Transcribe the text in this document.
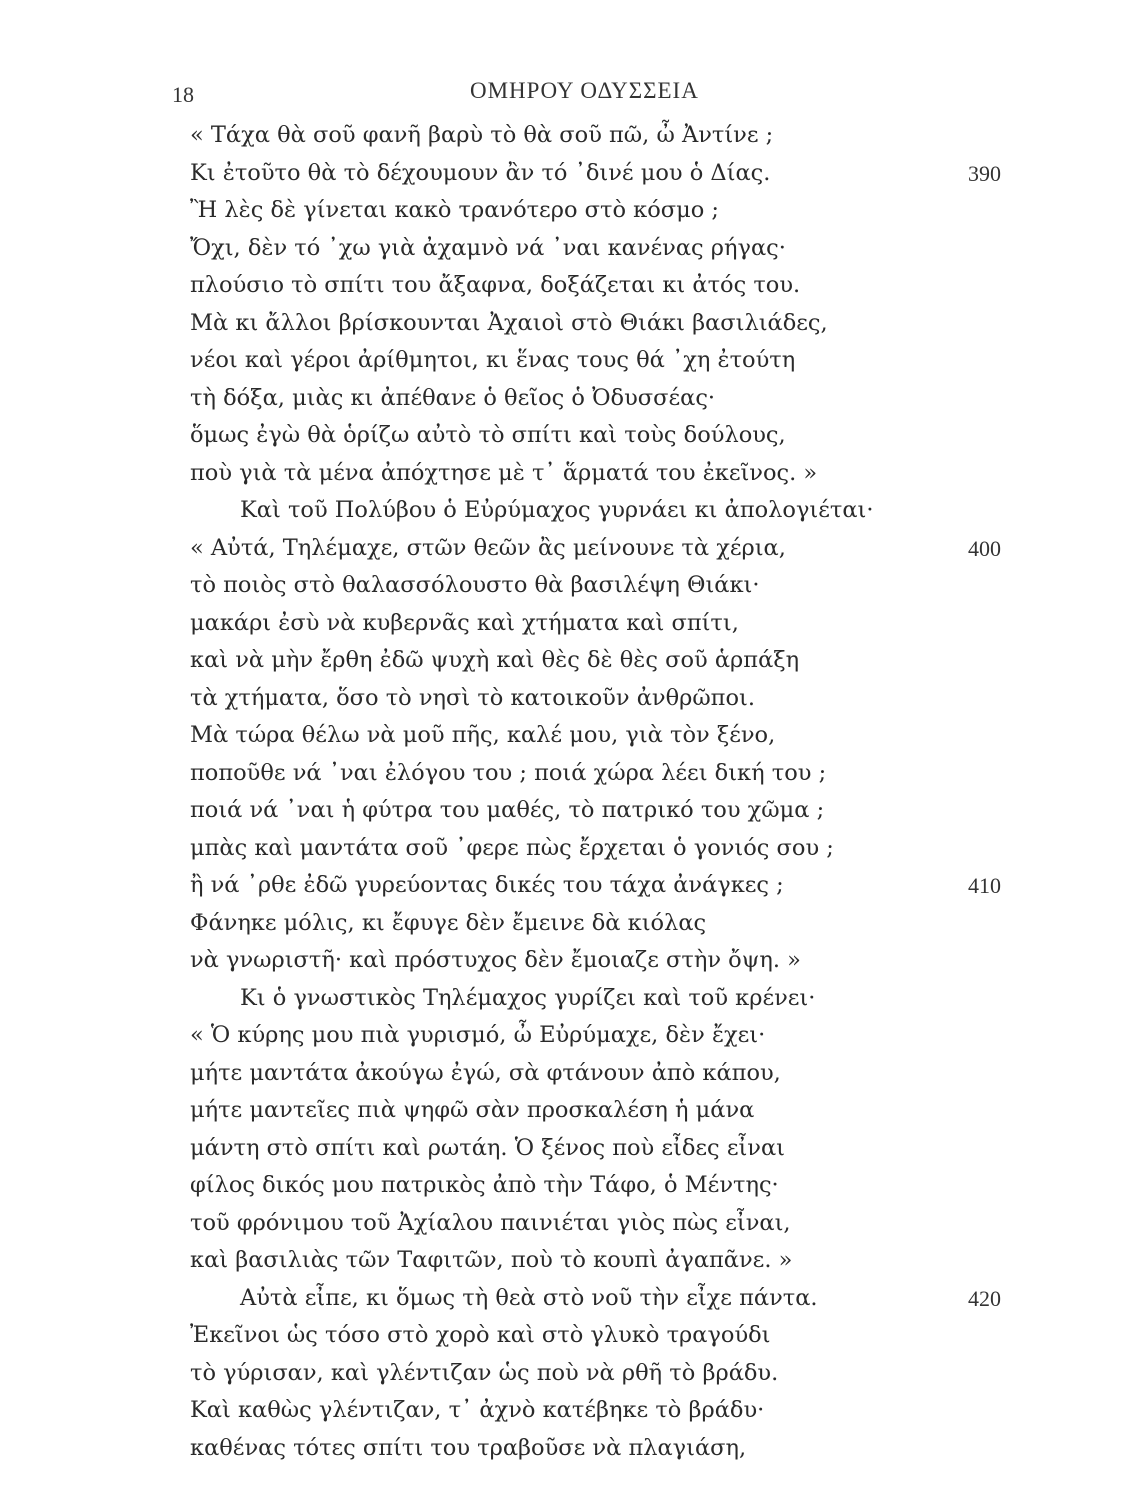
18	ΟΜΗΡΟΥ ΟΔΥΣΣΕΙΑ
« Τάχα θὰ σοῦ φανῆ βαρὺ τὸ θὰ σοῦ πῶ, ὦ Ἀντίνε ;
Κι ἐτοῦτο θὰ τὸ δέχουμουν ἂν τό ᾽δινέ μου ὁ Δίας.	390
Ἢ λὲς δὲ γίνεται κακὸ τρανότερο στὸ κόσμο ;
Ὄχι, δὲν τό ᾽χω γιὰ ἀχαμνὸ νά ᾽ναι κανένας ρήγας·
πλούσιο τὸ σπίτι του ἄξαφνα, δοξάζεται κι ἀτός του.
Μὰ κι ἄλλοι βρίσκουνται Ἀχαιοὶ στὸ Θιάκι βασιλιάδες,
νέοι καὶ γέροι ἀρίθμητοι, κι ἕνας τους θά ᾽χη ἐτούτη
τὴ δόξα, μιὰς κι ἀπέθανε ὁ θεῖος ὁ Ὀδυσσέας·
ὅμως ἐγὼ θὰ ὁρίζω αὐτὸ τὸ σπίτι καὶ τοὺς δούλους,
ποὺ γιὰ τὰ μένα ἀπόχτησε μὲ τ᾽ ἅρματά του ἐκεῖνος. »
Καὶ τοῦ Πολύβου ὁ Εὐρύμαχος γυρνάει κι ἀπολογιέται·
« Αὐτά, Τηλέμαχε, στῶν θεῶν ἂς μείνουνε τὰ χέρια,	400
τὸ ποιὸς στὸ θαλασσόλουστο θὰ βασιλέψη Θιάκι·
μακάρι ἐσὺ νὰ κυβερνᾶς καὶ χτήματα καὶ σπίτι,
καὶ νὰ μὴν ἔρθη ἐδῶ ψυχὴ καὶ θὲς δὲ θὲς σοῦ ἁρπάξη
τὰ χτήματα, ὅσο τὸ νησὶ τὸ κατοικοῦν ἀνθρῶποι.
Μὰ τώρα θέλω νὰ μοῦ πῆς, καλέ μου, γιὰ τὸν ξένο,
ποποῦθε νά ᾽ναι ἐλόγου του ; ποιά χώρα λέει δική του ;
ποιά νά ᾽ναι ἡ φύτρα του μαθές, τὸ πατρικό του χῶμα ;
μπὰς καὶ μαντάτα σοῦ ᾽φερε πὼς ἔρχεται ὁ γονιός σου ;
ἢ νά ᾽ρθε ἐδῶ γυρεύοντας δικές του τάχα ἀνάγκες ;	410
Φάνηκε μόλις, κι ἔφυγε δὲν ἔμεινε δὰ κιόλας
νὰ γνωριστῆ· καὶ πρόστυχος δὲν ἔμοιαζε στὴν ὄψη. »
Κι ὁ γνωστικὸς Τηλέμαχος γυρίζει καὶ τοῦ κρένει·
« Ὁ κύρης μου πιὰ γυρισμό, ὦ Εὐρύμαχε, δὲν ἔχει·
μήτε μαντάτα ἀκούγω ἐγώ, σὰ φτάνουν ἀπὸ κάπου,
μήτε μαντεῖες πιὰ ψηφῶ σὰν προσκαλέση ἡ μάνα
μάντη στὸ σπίτι καὶ ρωτάη. Ὁ ξένος ποὺ εἶδες εἶναι
φίλος δικός μου πατρικὸς ἀπὸ τὴν Τάφο, ὁ Μέντης·
τοῦ φρόνιμου τοῦ Ἀχίαλου παινιέται γιὸς πὼς εἶναι,
καὶ βασιλιὰς τῶν Ταφιτῶν, ποὺ τὸ κουπὶ ἀγαπᾶνε. »
Αὐτὰ εἶπε, κι ὅμως τὴ θεὰ στὸ νοῦ τὴν εἶχε πάντα.	420
Ἐκεῖνοι ὡς τόσο στὸ χορὸ καὶ στὸ γλυκὸ τραγούδι
τὸ γύρισαν, καὶ γλέντιζαν ὡς ποὺ νὰ ρθῆ τὸ βράδυ.
Καὶ καθὼς γλέντιζαν, τ᾽ ἀχνὸ κατέβηκε τὸ βράδυ·
καθένας τότες σπίτι του τραβοῦσε νὰ πλαγιάση,
